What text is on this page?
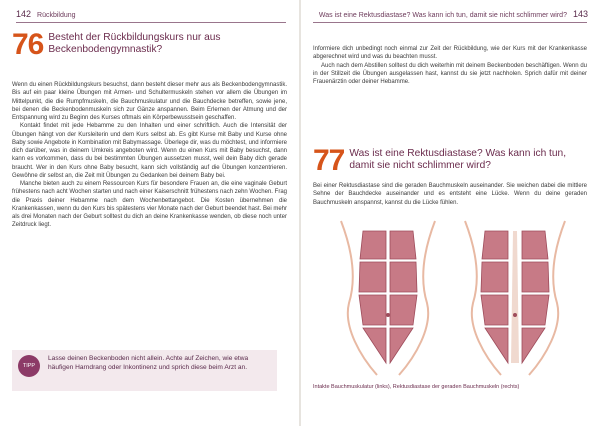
142 Rückbildung
76 Besteht der Rückbildungskurs nur aus Beckenbodengymnastik?

Wenn du einen Rückbildungskurs besuchst, dann besteht dieser mehr aus als Beckenbodengymnastik. Bis auf ein paar kleine Übungen mit Armen- und Schultermuskeln stehen vor allem die Übungen im Mittelpunkt, die die Rumpfmuskeln, die Bauchmuskulatur und die Bauchdecke betreffen, sowie jene, bei denen die Beckenbodenmuskeln sich zur Gänze anspannen. Beim Erlernen der Atmung und der Entspannung wird zu Beginn des Kurses oftmals ein Körperbewusstsein geschaffen.

Kontakt findet mit jede Hebamme zu den Inhalten und einer schriftlich. Auch die Intensität der Übungen hängt von der Kursleiterin und dem Kurs selbst ab. Es gibt Kurse mit Baby und Kurse ohne Baby sowie Angebote in Kombination mit Babymassage. Überlege dir, was du möchtest, und informiere dich darüber, was in deinem Umkreis angeboten wird. Wenn du einen Kurs mit Baby besuchst, dann kann es vorkommen, dass du bei bestimmten Übungen aussetzen musst, weil dein Baby dich gerade braucht. Wer in den Kurs ohne Baby besucht, kann sich vollständig auf die Übungen konzentrieren. Gewöhne dir selbst an, die Zeit mit Übungen zu Gedanken bei deinem Baby bei.

Manche bieten auch zu einem Ressourcen Kurs für besondere Frauen an, die eine vaginale Geburt frühestens nach acht Wochen starten und nach einer Kaiserschnitt frühestens nach zehn Wochen. Frag die Praxis deiner Hebamme nach dem Wochenbettangebot. Die Kosten übernehmen die Krankenkassen, wenn du den Kurs bis spätestens vier Monate nach der Geburt beendet hast. Bei mehr als drei Monaten nach der Geburt solltest du dich an deine Krankenkasse wenden, ob diese noch unter Zeitdruck liegt.

TIPP
Lasse deinen Beckenboden nicht allein. Achte auf Zeichen, wie etwa häufigen Harndrang oder Inkontinenz und sprich diese beim Arzt an.
Was ist eine Rektusdiastase? Was kann ich tun, damit sie nicht schlimmer wird? 143

Informiere dich unbedingt noch einmal zur Zeit der Rückbildung, wie der Kurs mit der Krankenkasse abgerechnet wird und was du beachten musst.

Auch nach dem Abstillen solltest du dich weiterhin mit deinem Beckenboden beschäftigen. Wenn du in der Stillzeit die Übungen ausgelassen hast, kannst du sie jetzt nachholen. Sprich dafür mit deiner Frauenärztin oder deiner Hebamme.

77 Was ist eine Rektusdiastase? Was kann ich tun, damit sie nicht schlimmer wird?

Bei einer Rektusdiastase sind die geraden Bauchmuskeln auseinander. Sie weichen dabei die mittlere Sehne der Bauchdecke auseinander und es entsteht eine Lücke. Wenn du deine geraden Bauchmuskeln anspannst, kannst du die Lücke fühlen.

Intakte Bauchmuskulatur (links), Rektusdiastase der geraden Bauchmuskeln (rechts)
